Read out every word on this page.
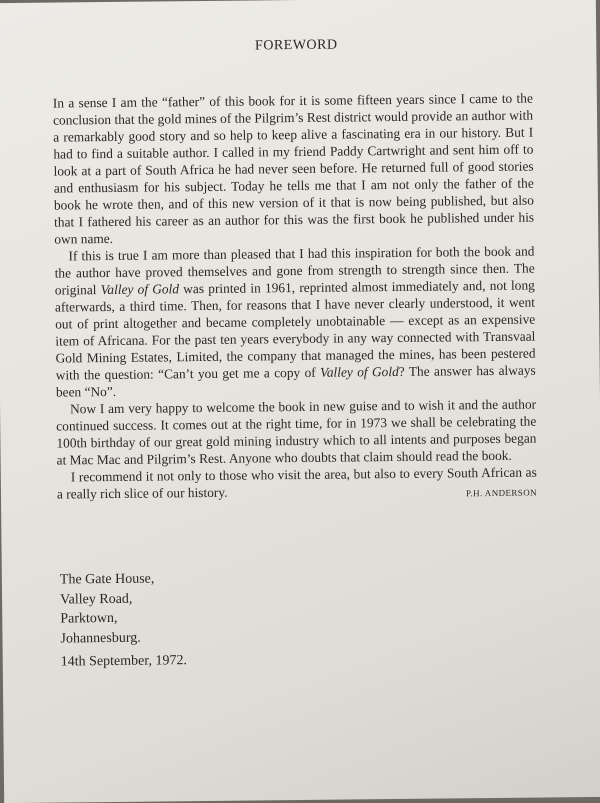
FOREWORD

In a sense I am the “father” of this book for it is some fifteen years since I came to the conclusion that the gold mines of the Pilgrim’s Rest district would provide an author with a remarkably good story and so help to keep alive a fascinating era in our history. But I had to find a suitable author. I called in my friend Paddy Cartwright and sent him off to look at a part of South Africa he had never seen before. He returned full of good stories and enthusiasm for his subject. Today he tells me that I am not only the father of the book he wrote then, and of this new version of it that is now being published, but also that I fathered his career as an author for this was the first book he published under his own name.

If this is true I am more than pleased that I had this inspiration for both the book and the author have proved themselves and gone from strength to strength since then. The original Valley of Gold was printed in 1961, reprinted almost immediately and, not long afterwards, a third time. Then, for reasons that I have never clearly understood, it went out of print altogether and became completely unobtainable — except as an expensive item of Africana. For the past ten years everybody in any way connected with Transvaal Gold Mining Estates, Limited, the company that managed the mines, has been pestered with the question: “Can’t you get me a copy of Valley of Gold? The answer has always been “No”.

Now I am very happy to welcome the book in new guise and to wish it and the author continued success. It comes out at the right time, for in 1973 we shall be celebrating the 100th birthday of our great gold mining industry which to all intents and purposes began at Mac Mac and Pilgrim’s Rest. Anyone who doubts that claim should read the book.

I recommend it not only to those who visit the area, but also to every South African as a really rich slice of our history.	P.H. ANDERSON
The Gate House,
Valley Road,
Parktown,
Johannesburg.
14th September, 1972.
